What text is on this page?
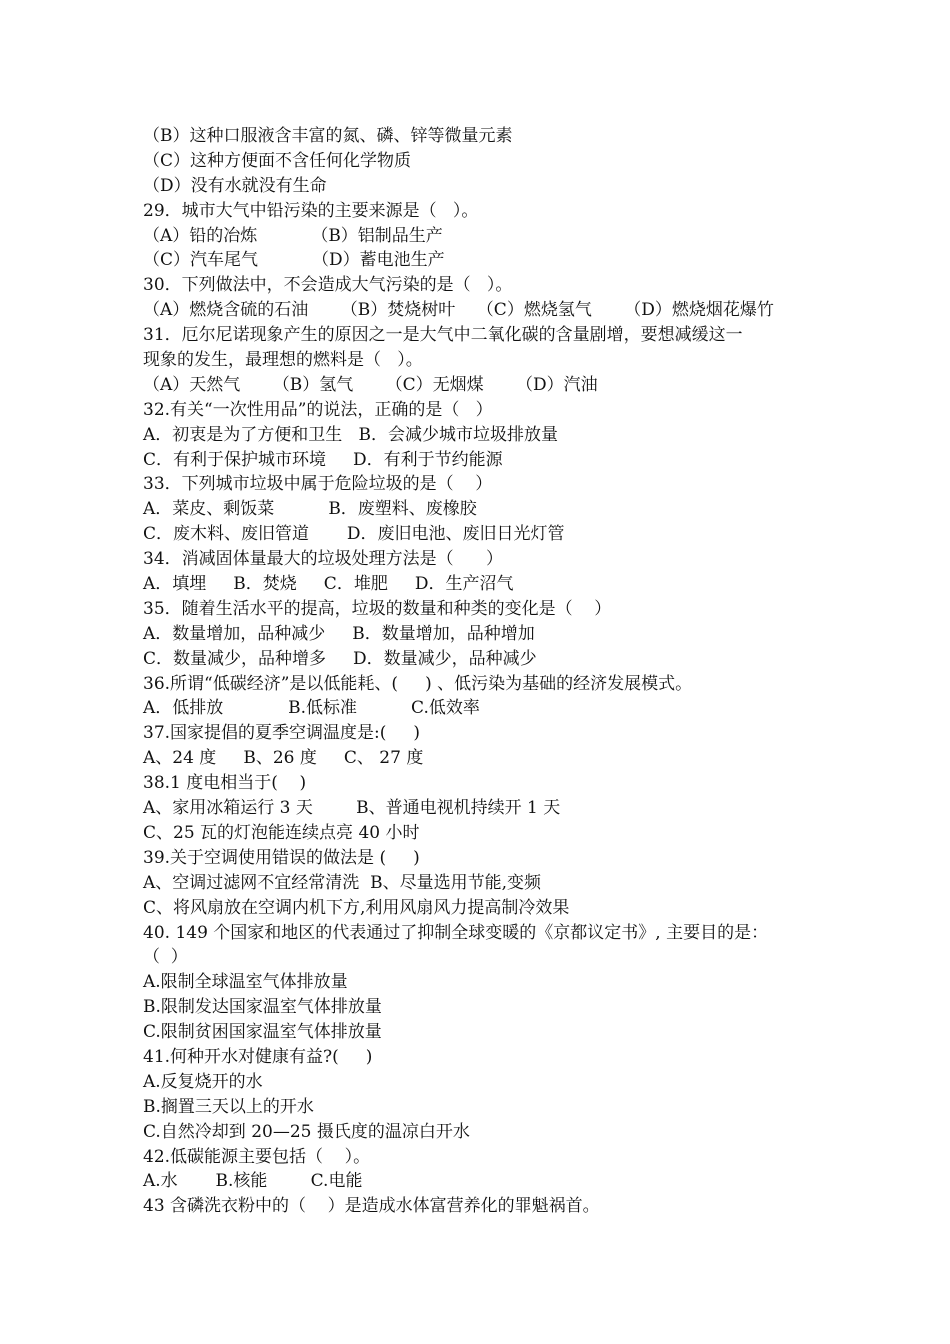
（B）这种口服液含丰富的氮、磷、锌等微量元素
（C）这种方便面不含任何化学物质
（D）没有水就没有生命
29．城市大气中铅污染的主要来源是（   ）。
（A）铅的冶炼          （B）铝制品生产
（C）汽车尾气          （D）蓄电池生产
30．下列做法中，不会造成大气污染的是（   ）。
（A）燃烧含硫的石油      （B）焚烧树叶    （C）燃烧氢气      （D）燃烧烟花爆竹
31．厄尔尼诺现象产生的原因之一是大气中二氧化碳的含量剧增，要想减缓这一
现象的发生，最理想的燃料是（   ）。
（A）天然气      （B）氢气      （C）无烟煤      （D）汽油
32.有关“一次性用品”的说法，正确的是（   ）
A．初衷是为了方便和卫生   B．会减少城市垃圾排放量
C．有利于保护城市环境     D．有利于节约能源
33．下列城市垃圾中属于危险垃圾的是（    ）
A．菜皮、剩饭菜          B．废塑料、废橡胶
C．废木料、废旧管道       D．废旧电池、废旧日光灯管
34．消减固体量最大的垃圾处理方法是（      ）
A．填埋     B．焚烧     C．堆肥     D．生产沼气
35．随着生活水平的提高，垃圾的数量和种类的变化是（    ）
A．数量增加，品种减少     B．数量增加，品种增加
C．数量减少，品种增多     D．数量减少，品种减少
36.所谓“低碳经济”是以低能耗、(     ) 、低污染为基础的经济发展模式。
A．低排放            B.低标准          C.低效率
37.国家提倡的夏季空调温度是:(     )
A、24 度     B、26 度     C、 27 度
38.1 度电相当于(    )
A、家用冰箱运行 3 天        B、普通电视机持续开 1 天
C、25 瓦的灯泡能连续点亮 40 小时
39.关于空调使用错误的做法是 (     )
A、空调过滤网不宜经常清洗  B、尽量选用节能,变频
C、将风扇放在空调内机下方,利用风扇风力提高制冷效果
40. 149 个国家和地区的代表通过了抑制全球变暖的《京都议定书》, 主要目的是：
（  ）
A.限制全球温室气体排放量
B.限制发达国家温室气体排放量
C.限制贫困国家温室气体排放量
41.何种开水对健康有益?(     )
A.反复烧开的水
B.搁置三天以上的开水
C.自然冷却到 20—25 摄氏度的温凉白开水
42.低碳能源主要包括（    ）。
A.水       B.核能        C.电能
43 含磷洗衣粉中的（    ）是造成水体富营养化的罪魁祸首。
